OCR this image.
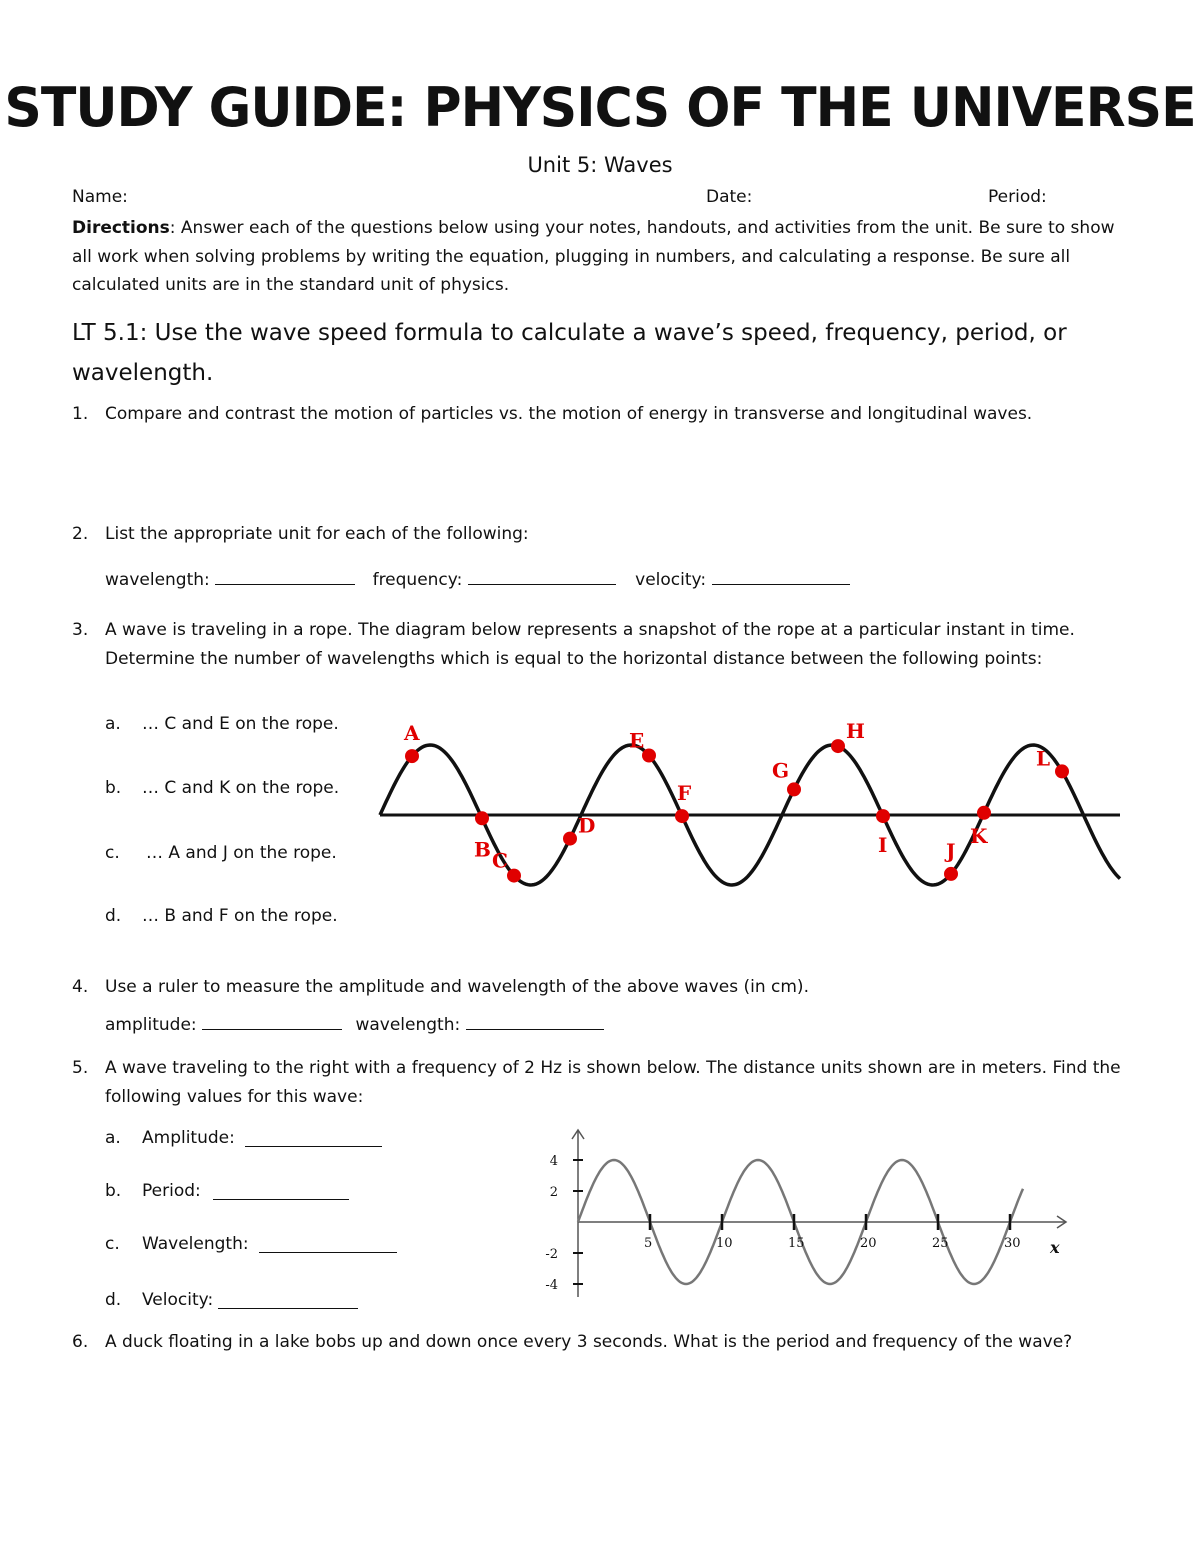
STUDY GUIDE: PHYSICS OF THE UNIVERSE
Unit 5: Waves
Name:	Date:	Period:
Directions: Answer each of the questions below using your notes, handouts, and activities from the unit. Be sure to show all work when solving problems by writing the equation, plugging in numbers, and calculating a response. Be sure all calculated units are in the standard unit of physics.
LT 5.1: Use the wave speed formula to calculate a wave’s speed, frequency, period, or wavelength.
1. Compare and contrast the motion of particles vs. the motion of energy in transverse and longitudinal waves.
2. List the appropriate unit for each of the following:
wavelength:	frequency:	velocity:
3. A wave is traveling in a rope. The diagram below represents a snapshot of the rope at a particular instant in time. Determine the number of wavelengths which is equal to the horizontal distance between the following points:
a. … C and E on the rope.
b. … C and K on the rope.
c. … A and J on the rope.
d. … B and F on the rope.
A
B C
D
E
F
G
H
I	J
K
L
4. Use a ruler to measure the amplitude and wavelength of the above waves (in cm).
amplitude:	wavelength:
5. A wave traveling to the right with a frequency of 2 Hz is shown below. The distance units shown are in meters. Find the following values for this wave:
a. Amplitude:
b. Period:
c. Wavelength:
d. Velocity:
5	10	15	20	25	30
4
2
-2
-4
x
6. A duck floating in a lake bobs up and down once every 3 seconds. What is the period and frequency of the wave?
